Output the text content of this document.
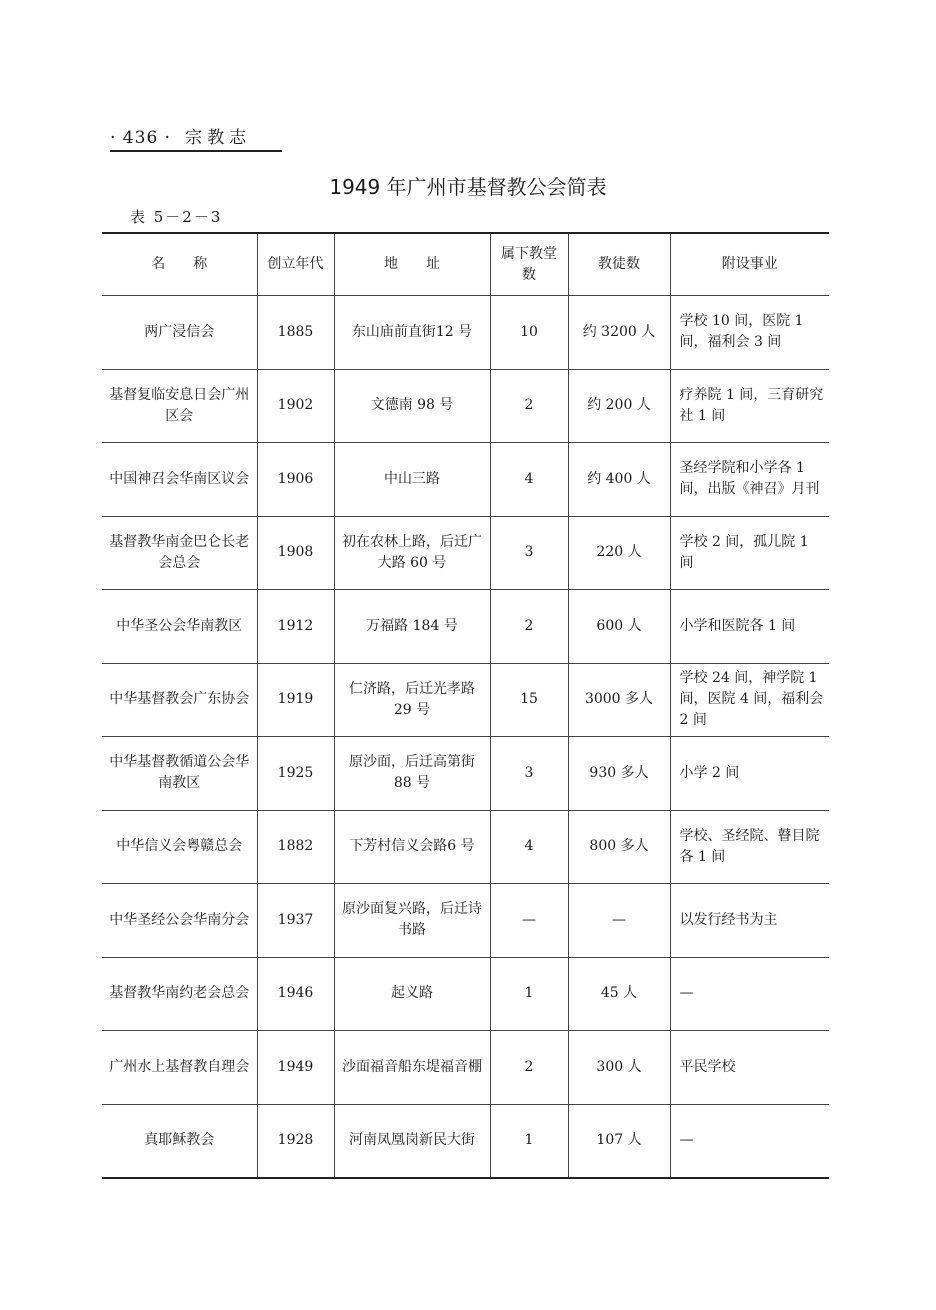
· 436 · 宗教志
1949 年广州市基督教公会简表
表 5－2－3
名　　称	创立年代	地　　址	属下教堂数	教徒数	附设事业
两广浸信会	1885	东山庙前直街12 号	10	约 3200 人	学校 10 间，医院 1 间，福利会 3 间
基督复临安息日会广州区会	1902	文德南 98 号	2	约 200 人	疗养院 1 间，三育研究社 1 间
中国神召会华南区议会	1906	中山三路	4	约 400 人	圣经学院和小学各 1 间，出版《神召》月刊
基督教华南金巴仑长老会总会	1908	初在农林上路，后迁广大路 60 号	3	220 人	学校 2 间，孤儿院 1 间
中华圣公会华南教区	1912	万福路 184 号	2	600 人	小学和医院各 1 间
中华基督教会广东协会	1919	仁济路，后迁光孝路 29 号	15	3000 多人	学校 24 间，神学院 1 间，医院 4 间，福利会 2 间
中华基督教循道公会华南教区	1925	原沙面，后迁高第街 88 号	3	930 多人	小学 2 间
中华信义会粤赣总会	1882	下芳村信义会路6 号	4	800 多人	学校、圣经院、瞽目院各 1 间
中华圣经公会华南分会	1937	原沙面复兴路，后迁诗书路	—	—	以发行经书为主
基督教华南约老会总会	1946	起义路	1	45 人	—
广州水上基督教自理会	1949	沙面福音船东堤福音棚	2	300 人	平民学校
真耶稣教会	1928	河南凤凰岗新民大街	1	107 人	—
